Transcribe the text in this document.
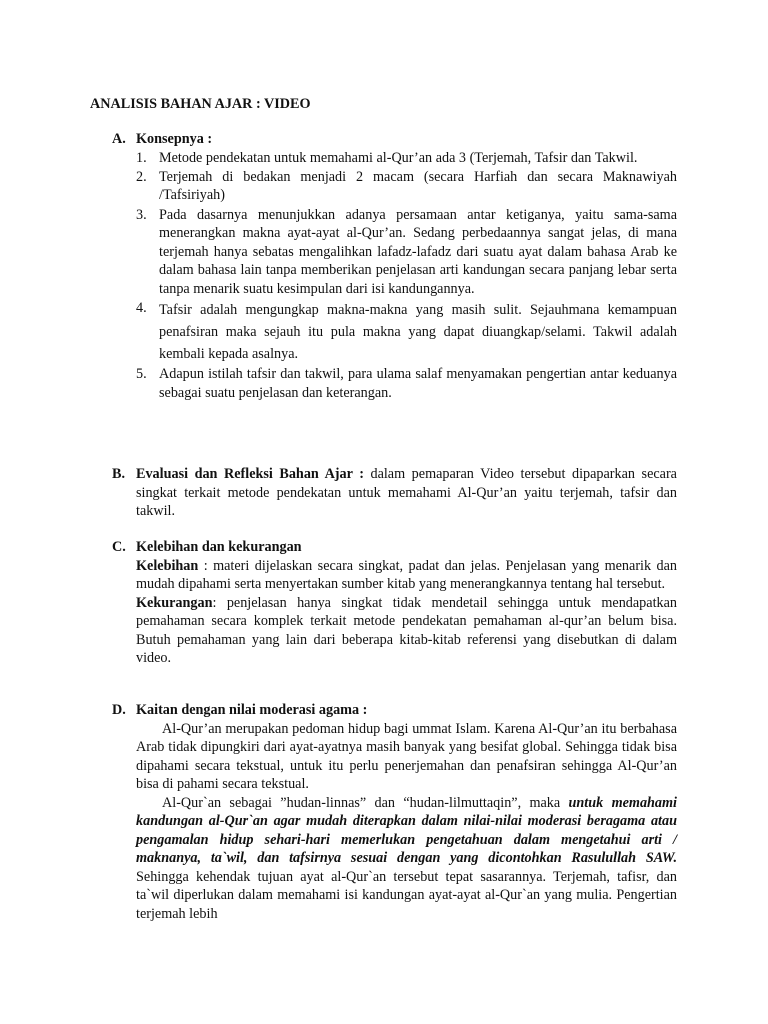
ANALISIS BAHAN AJAR : VIDEO
A. Konsepnya :
1. Metode pendekatan untuk memahami al-Qur’an ada 3 (Terjemah, Tafsir dan Takwil.
2. Terjemah di bedakan menjadi 2 macam (secara Harfiah dan secara Maknawiyah /Tafsiriyah)
3. Pada dasarnya menunjukkan adanya persamaan antar ketiganya, yaitu sama-sama menerangkan makna ayat-ayat al-Qur’an. Sedang perbedaannya sangat jelas, di mana terjemah hanya sebatas mengalihkan lafadz-lafadz dari suatu ayat dalam bahasa Arab ke dalam bahasa lain tanpa memberikan penjelasan arti kandungan secara panjang lebar serta tanpa menarik suatu kesimpulan dari isi kandungannya.
4. Tafsir adalah mengungkap makna-makna yang masih sulit. Sejauhmana kemampuan penafsiran maka sejauh itu pula makna yang dapat diuangkap/selami. Takwil adalah kembali kepada asalnya.
5. Adapun istilah tafsir dan takwil, para ulama salaf menyamakan pengertian antar keduanya sebagai suatu penjelasan dan keterangan.
B. Evaluasi dan Refleksi Bahan Ajar : dalam pemaparan Video tersebut dipaparkan secara singkat terkait metode pendekatan untuk memahami Al-Qur’an yaitu terjemah, tafsir dan takwil.
C. Kelebihan dan kekurangan
Kelebihan : materi dijelaskan secara singkat, padat dan jelas. Penjelasan yang menarik dan mudah dipahami serta menyertakan sumber kitab yang menerangkannya tentang hal tersebut.
Kekurangan: penjelasan hanya singkat tidak mendetail sehingga untuk mendapatkan pemahaman secara komplek terkait metode pendekatan pemahaman al-qur’an belum bisa. Butuh pemahaman yang lain dari beberapa kitab-kitab referensi yang disebutkan di dalam video.
D. Kaitan dengan nilai moderasi agama :
Al-Qur’an merupakan pedoman hidup bagi ummat Islam. Karena Al-Qur’an itu berbahasa Arab tidak dipungkiri dari ayat-ayatnya masih banyak yang besifat global. Sehingga tidak bisa dipahami secara tekstual, untuk itu perlu penerjemahan dan penafsiran sehingga Al-Qur’an bisa di pahami secara tekstual.
Al-Qur`an sebagai ”hudan-linnas” dan “hudan-lilmuttaqin”, maka untuk memahami kandungan al-Qur`an agar mudah diterapkan dalam nilai-nilai moderasi beragama atau pengamalan hidup sehari-hari memerlukan pengetahuan dalam mengetahui arti / maknanya, ta`wil, dan tafsirnya sesuai dengan yang dicontohkan Rasulullah SAW. Sehingga kehendak tujuan ayat al-Qur`an tersebut tepat sasarannya. Terjemah, tafisr, dan ta`wil diperlukan dalam memahami isi kandungan ayat-ayat al-Qur`an yang mulia. Pengertian terjemah lebih
